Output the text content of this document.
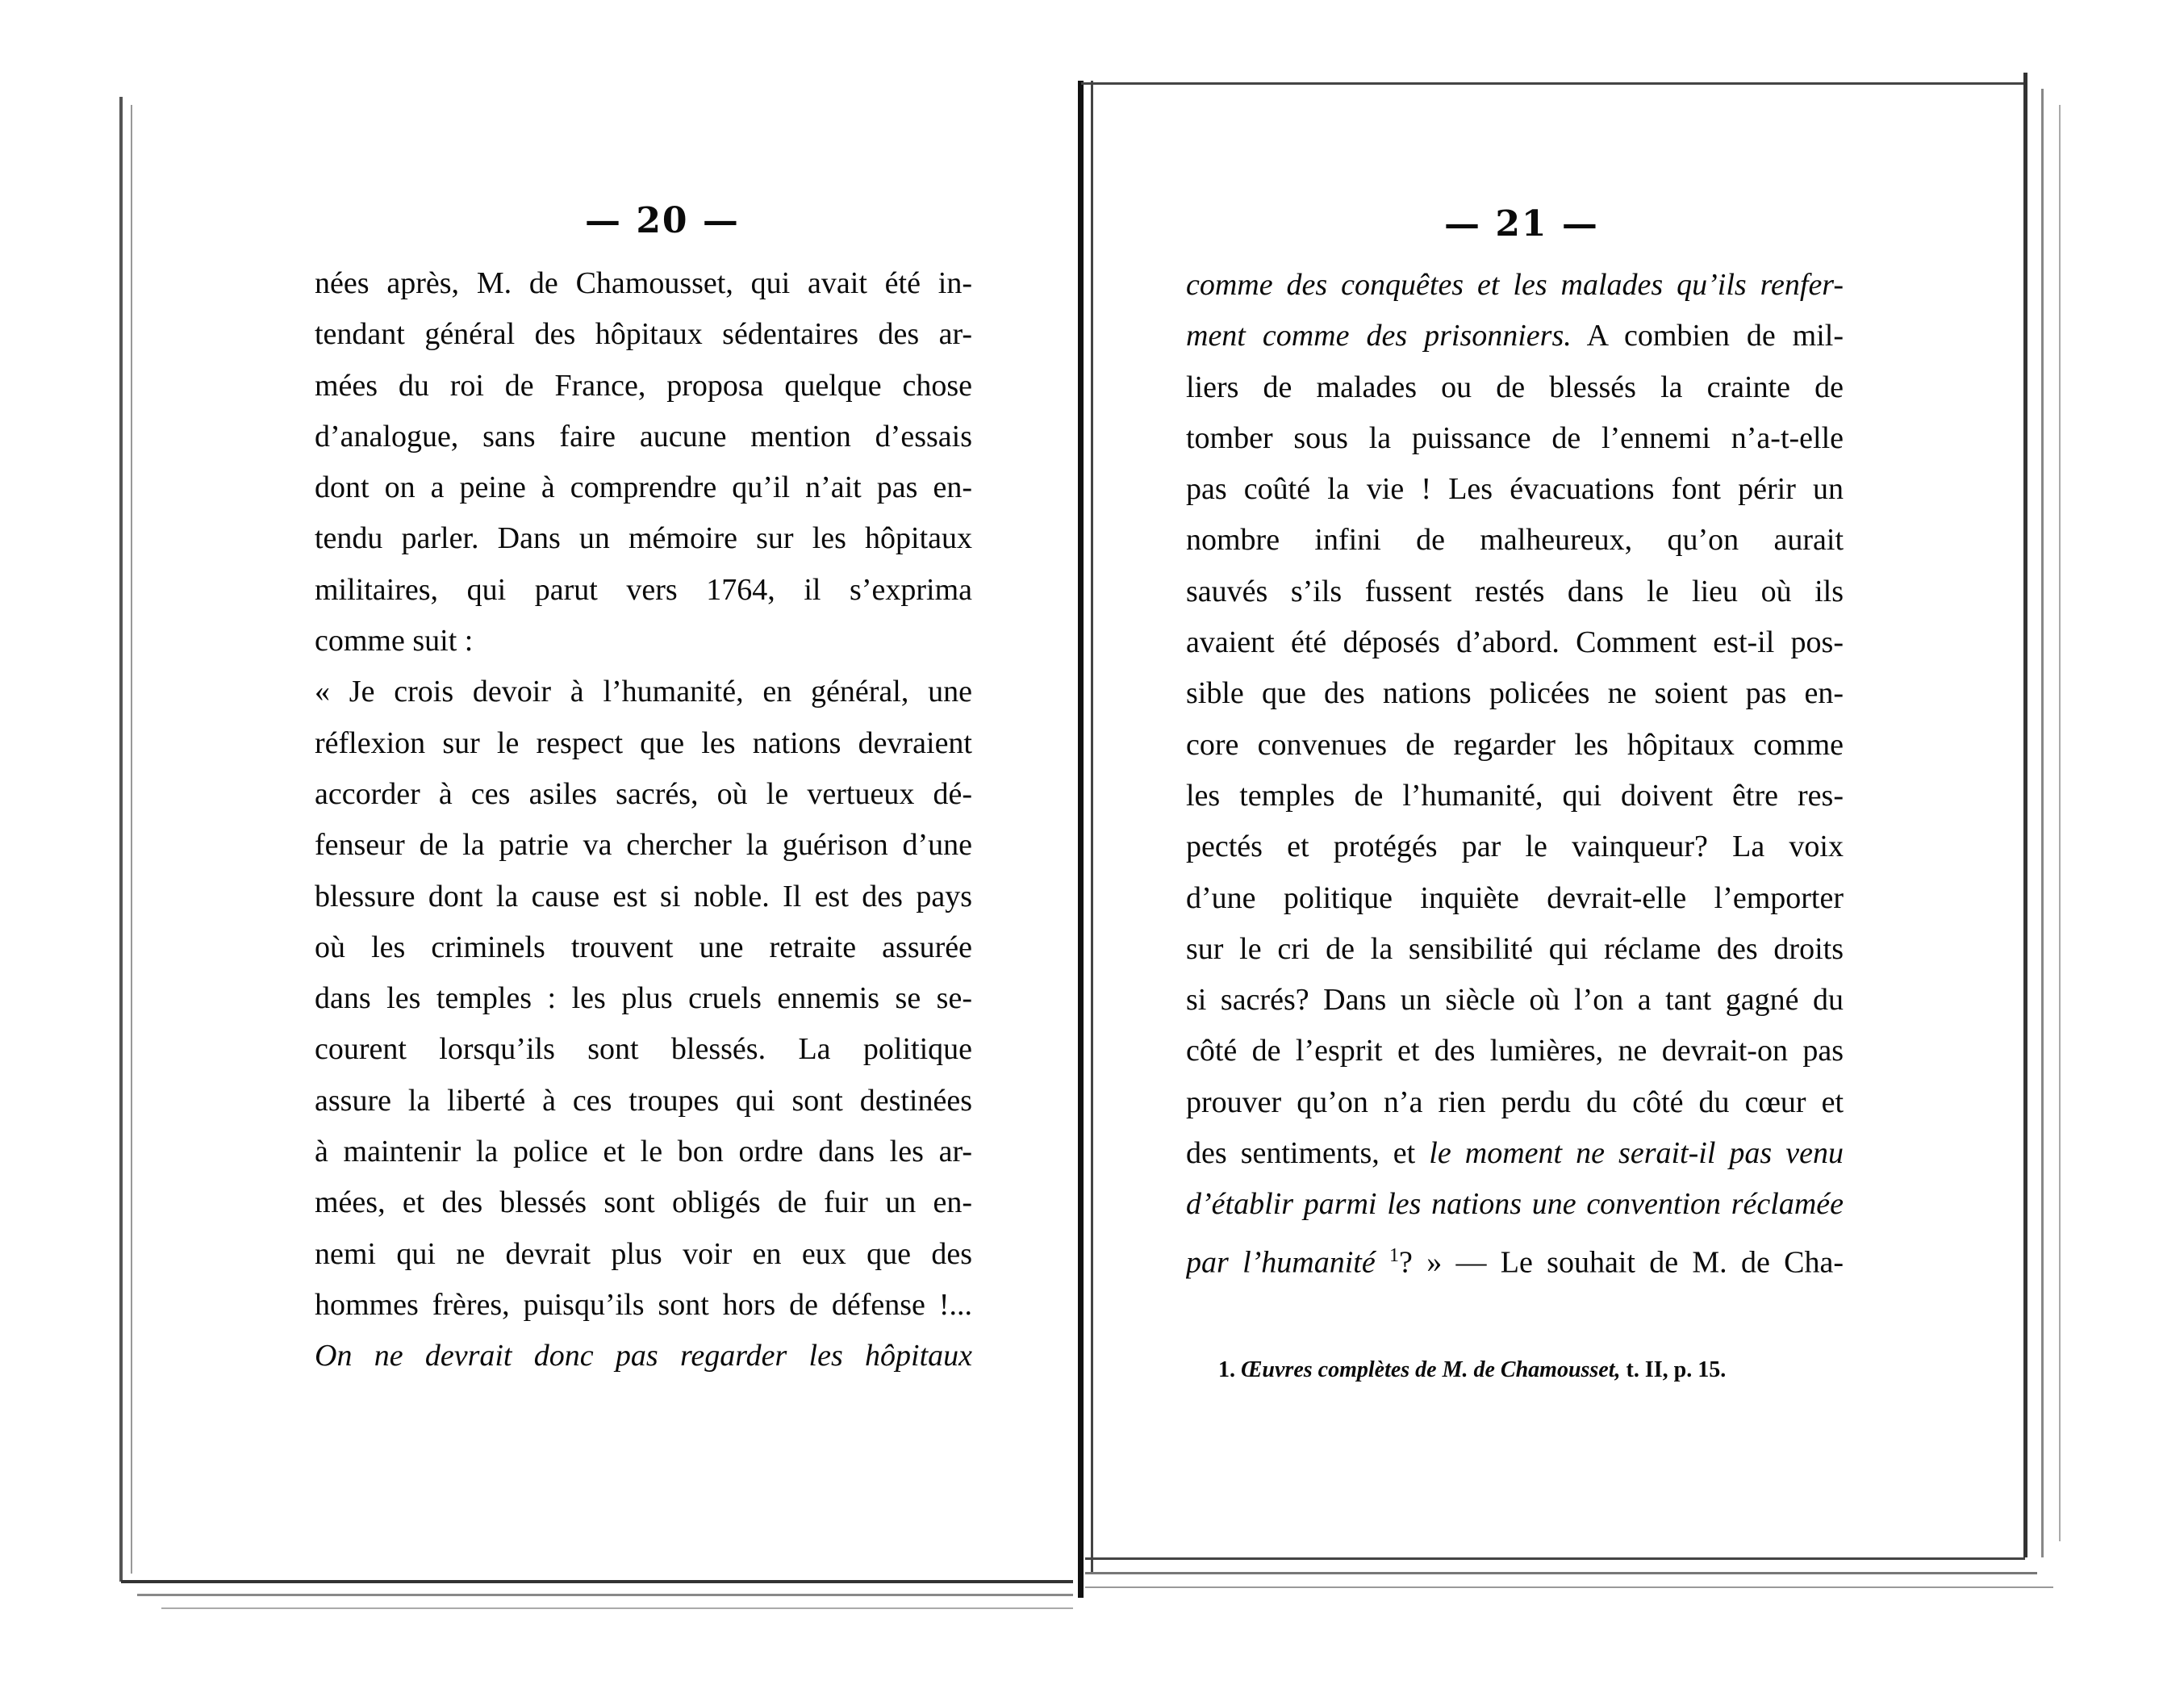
— 20 —
nées après, M. de Chamousset, qui avait été in-
tendant général des hôpitaux sédentaires des ar-
mées du roi de France, proposa quelque chose
d’analogue, sans faire aucune mention d’essais
dont on a peine à comprendre qu’il n’ait pas en-
tendu parler. Dans un mémoire sur les hôpitaux
militaires, qui parut vers 1764, il s’exprima
comme suit :
« Je crois devoir à l’humanité, en général, une
réflexion sur le respect que les nations devraient
accorder à ces asiles sacrés, où le vertueux dé-
fenseur de la patrie va chercher la guérison d’une
blessure dont la cause est si noble. Il est des pays
où les criminels trouvent une retraite assurée
dans les temples : les plus cruels ennemis se se-
courent lorsqu’ils sont blessés. La politique
assure la liberté à ces troupes qui sont destinées
à maintenir la police et le bon ordre dans les ar-
mées, et des blessés sont obligés de fuir un en-
nemi qui ne devrait plus voir en eux que des
hommes frères, puisqu’ils sont hors de défense !...
On ne devrait donc pas regarder les hôpitaux
— 21 —
comme des conquêtes et les malades qu’ils renfer-
ment comme des prisonniers. A combien de mil-
liers de malades ou de blessés la crainte de
tomber sous la puissance de l’ennemi n’a-t-elle
pas coûté la vie ! Les évacuations font périr un
nombre infini de malheureux, qu’on aurait
sauvés s’ils fussent restés dans le lieu où ils
avaient été déposés d’abord. Comment est-il pos-
sible que des nations policées ne soient pas en-
core convenues de regarder les hôpitaux comme
les temples de l’humanité, qui doivent être res-
pectés et protégés par le vainqueur? La voix
d’une politique inquiète devrait-elle l’emporter
sur le cri de la sensibilité qui réclame des droits
si sacrés? Dans un siècle où l’on a tant gagné du
côté de l’esprit et des lumières, ne devrait-on pas
prouver qu’on n’a rien perdu du côté du cœur et
des sentiments, et le moment ne serait-il pas venu
d’établir parmi les nations une convention réclamée
par l’humanité $^1$? » — Le souhait de M. de Cha-
1. Œuvres complètes de M. de Chamousset, t. II, p. 15.
